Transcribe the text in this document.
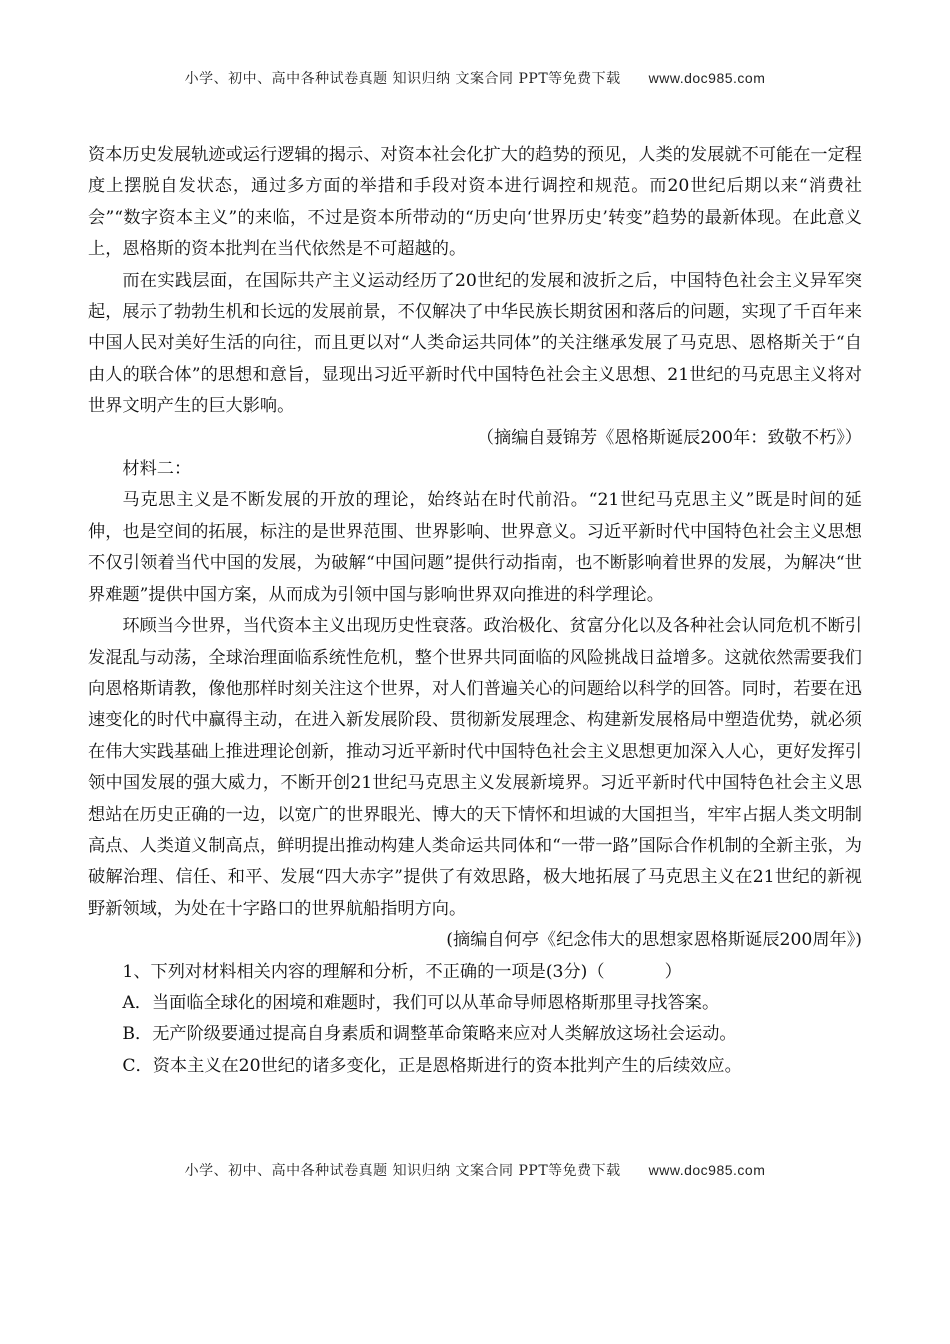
小学、初中、高中各种试卷真题 知识归纳 文案合同 PPT等免费下载 www.doc985.com

资本历史发展轨迹或运行逻辑的揭示、对资本社会化扩大的趋势的预见，人类的发展就不可能在一定程度上摆脱自发状态，通过多方面的举措和手段对资本进行调控和规范。而20世纪后期以来“消费社会”“数字资本主义”的来临，不过是资本所带动的“历史向‘世界历史’转变”趋势的最新体现。在此意义上，恩格斯的资本批判在当代依然是不可超越的。

而在实践层面，在国际共产主义运动经历了20世纪的发展和波折之后，中国特色社会主义异军突起，展示了勃勃生机和长远的发展前景，不仅解决了中华民族长期贫困和落后的问题，实现了千百年来中国人民对美好生活的向往，而且更以对“人类命运共同体”的关注继承发展了马克思、恩格斯关于“自由人的联合体”的思想和意旨，显现出习近平新时代中国特色社会主义思想、21世纪的马克思主义将对世界文明产生的巨大影响。

（摘编自聂锦芳《恩格斯诞辰200年：致敬不朽》）

材料二：

马克思主义是不断发展的开放的理论，始终站在时代前沿。“21世纪马克思主义”既是时间的延伸，也是空间的拓展，标注的是世界范围、世界影响、世界意义。习近平新时代中国特色社会主义思想不仅引领着当代中国的发展，为破解“中国问题”提供行动指南，也不断影响着世界的发展，为解决“世界难题”提供中国方案，从而成为引领中国与影响世界双向推进的科学理论。

环顾当今世界，当代资本主义出现历史性衰落。政治极化、贫富分化以及各种社会认同危机不断引发混乱与动荡，全球治理面临系统性危机，整个世界共同面临的风险挑战日益增多。这就依然需要我们向恩格斯请教，像他那样时刻关注这个世界，对人们普遍关心的问题给以科学的回答。同时，若要在迅速变化的时代中赢得主动，在进入新发展阶段、贯彻新发展理念、构建新发展格局中塑造优势，就必须在伟大实践基础上推进理论创新，推动习近平新时代中国特色社会主义思想更加深入人心，更好发挥引领中国发展的强大威力，不断开创21世纪马克思主义发展新境界。习近平新时代中国特色社会主义思想站在历史正确的一边，以宽广的世界眼光、博大的天下情怀和坦诚的大国担当，牢牢占据人类文明制高点、人类道义制高点，鲜明提出推动构建人类命运共同体和“一带一路”国际合作机制的全新主张，为破解治理、信任、和平、发展“四大赤字”提供了有效思路，极大地拓展了马克思主义在21世纪的新视野新领域，为处在十字路口的世界航船指明方向。

(摘编自何亭《纪念伟大的思想家恩格斯诞辰200周年》)

1、下列对材料相关内容的理解和分析，不正确的一项是(3分)（	）

A．当面临全球化的困境和难题时，我们可以从革命导师恩格斯那里寻找答案。

B．无产阶级要通过提高自身素质和调整革命策略来应对人类解放这场社会运动。

C．资本主义在20世纪的诸多变化，正是恩格斯进行的资本批判产生的后续效应。

小学、初中、高中各种试卷真题 知识归纳 文案合同 PPT等免费下载 www.doc985.com
